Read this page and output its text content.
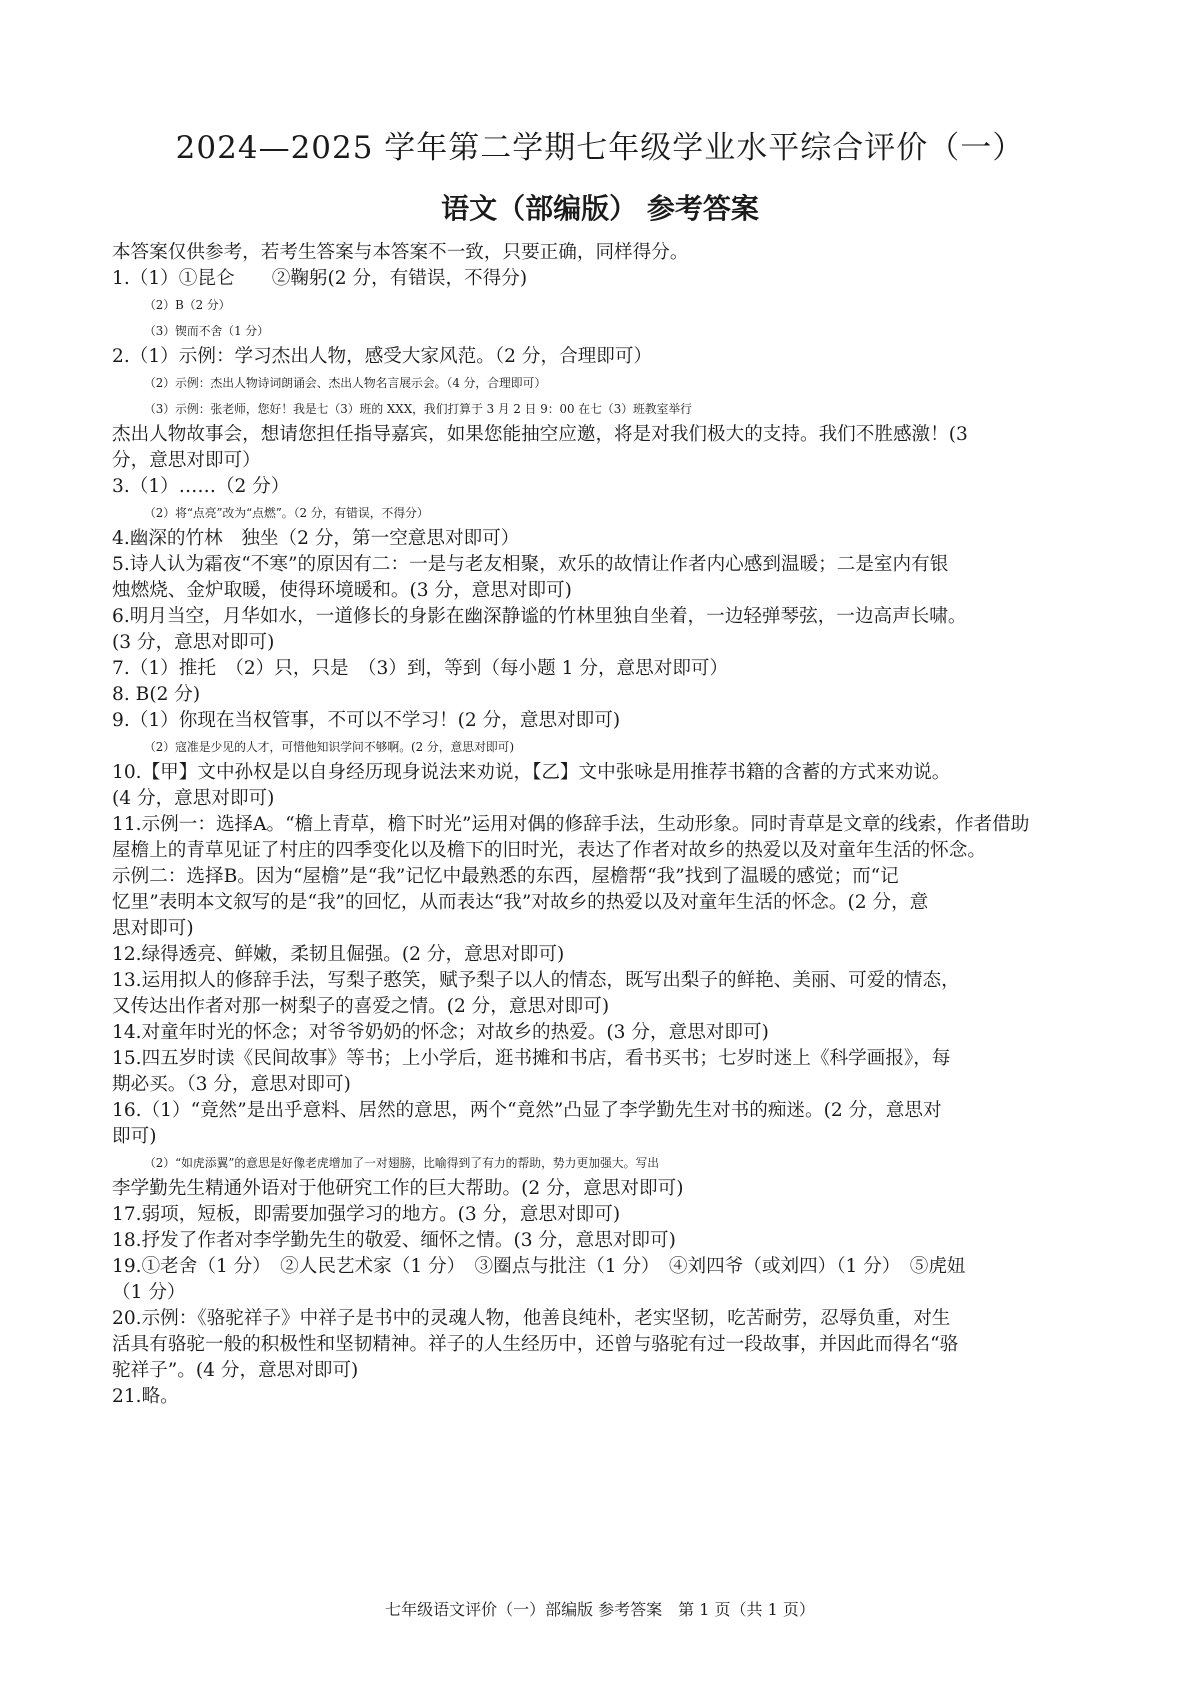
2024—2025 学年第二学期七年级学业水平综合评价（一）
语文（部编版） 参考答案
本答案仅供参考，若考生答案与本答案不一致，只要正确，同样得分。
1.（1）①昆仑　　②鞠躬(2 分，有错误，不得分)
（2）B（2 分）
（3）锲而不舍（1 分）
2.（1）示例：学习杰出人物，感受大家风范。（2 分，合理即可）
（2）示例：杰出人物诗词朗诵会、杰出人物名言展示会。（4 分，合理即可）
（3）示例：张老师，您好！我是七（3）班的 XXX，我们打算于 3 月 2 日 9：00 在七（3）班教室举行
杰出人物故事会，想请您担任指导嘉宾，如果您能抽空应邀，将是对我们极大的支持。我们不胜感激！(3
分，意思对即可）
3.（1）……（2 分）
（2）将“点亮”改为“点燃”。（2 分，有错误，不得分）
4.幽深的竹林　独坐（2 分，第一空意思对即可）
5.诗人认为霜夜“不寒”的原因有二：一是与老友相聚，欢乐的故情让作者内心感到温暖；二是室内有银
烛燃烧、金炉取暖，使得环境暖和。(3 分，意思对即可)
6.明月当空，月华如水，一道修长的身影在幽深静谧的竹林里独自坐着，一边轻弹琴弦，一边高声长啸。
(3 分，意思对即可)
7.（1）推托　（2）只，只是　（3）到，等到（每小题 1 分，意思对即可）
8. B(2 分)
9.（1）你现在当权管事，不可以不学习！(2 分，意思对即可)
（2）寇准是少见的人才，可惜他知识学问不够啊。(2 分，意思对即可)
10.【甲】文中孙权是以自身经历现身说法来劝说，【乙】文中张咏是用推荐书籍的含蓄的方式来劝说。
(4 分，意思对即可)
11.示例一：选择A。“檐上青草，檐下时光”运用对偶的修辞手法，生动形象。同时青草是文章的线索，作者借助
屋檐上的青草见证了村庄的四季变化以及檐下的旧时光，表达了作者对故乡的热爱以及对童年生活的怀念。
示例二：选择B。因为“屋檐”是“我”记忆中最熟悉的东西，屋檐帮“我”找到了温暖的感觉；而“记
忆里”表明本文叙写的是“我”的回忆，从而表达“我”对故乡的热爱以及对童年生活的怀念。(2 分，意
思对即可)
12.绿得透亮、鲜嫩，柔韧且倔强。(2 分，意思对即可)
13.运用拟人的修辞手法，写梨子憨笑，赋予梨子以人的情态，既写出梨子的鲜艳、美丽、可爱的情态，
又传达出作者对那一树梨子的喜爱之情。(2 分，意思对即可)
14.对童年时光的怀念；对爷爷奶奶的怀念；对故乡的热爱。(3 分，意思对即可)
15.四五岁时读《民间故事》等书；上小学后，逛书摊和书店，看书买书；七岁时迷上《科学画报》，每
期必买。（3 分，意思对即可)
16.（1）“竟然”是出乎意料、居然的意思，两个“竟然”凸显了李学勤先生对书的痴迷。(2 分，意思对
即可)
（2）“如虎添翼”的意思是好像老虎增加了一对翅膀，比喻得到了有力的帮助，势力更加强大。写出
李学勤先生精通外语对于他研究工作的巨大帮助。(2 分，意思对即可)
17.弱项，短板，即需要加强学习的地方。(3 分，意思对即可)
18.抒发了作者对李学勤先生的敬爱、缅怀之情。(3 分，意思对即可)
19.①老舍（1 分）　②人民艺术家（1 分）　③圈点与批注（1 分）　④刘四爷（或刘四）（1 分）　⑤虎妞
（1 分）
20.示例：《骆驼祥子》中祥子是书中的灵魂人物，他善良纯朴，老实坚韧，吃苦耐劳，忍辱负重，对生
活具有骆驼一般的积极性和坚韧精神。祥子的人生经历中，还曾与骆驼有过一段故事，并因此而得名“骆
驼祥子”。(4 分，意思对即可)
21.略。
七年级语文评价（一）部编版 参考答案　第 1 页（共 1 页）
